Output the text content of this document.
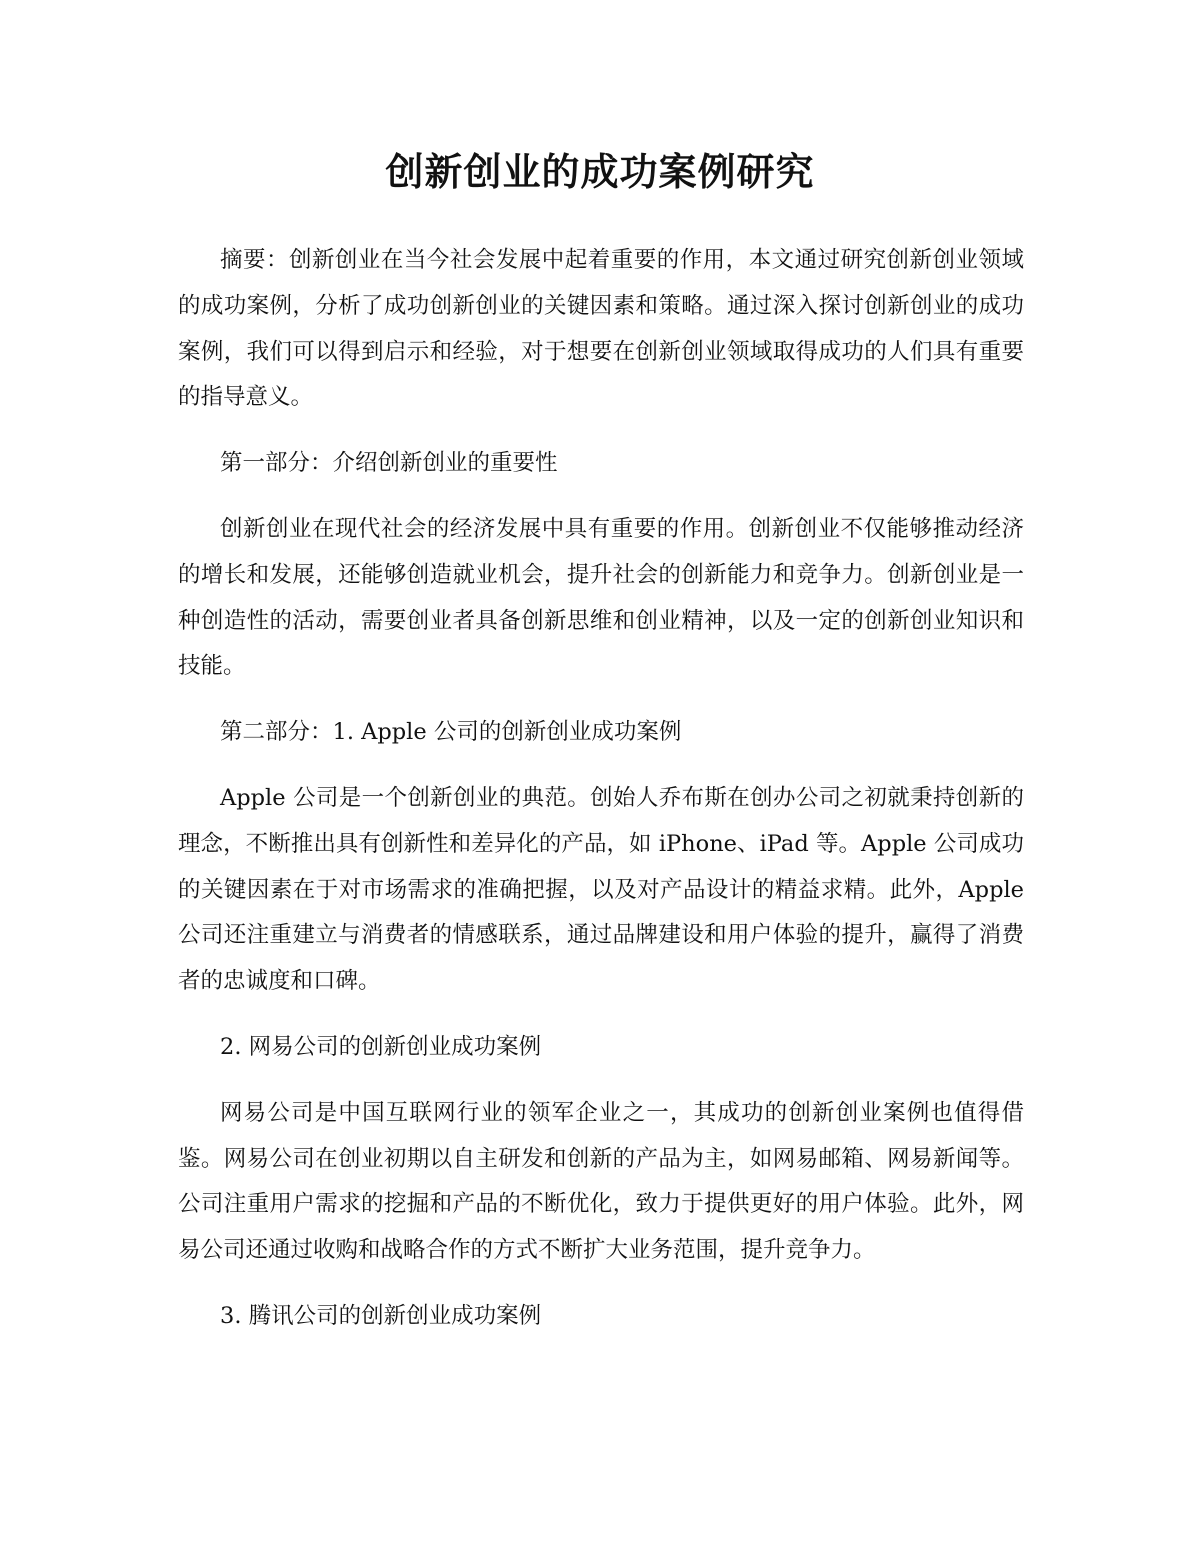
创新创业的成功案例研究

摘要：创新创业在当今社会发展中起着重要的作用，本文通过研究创新创业领域的成功案例，分析了成功创新创业的关键因素和策略。通过深入探讨创新创业的成功案例，我们可以得到启示和经验，对于想要在创新创业领域取得成功的人们具有重要的指导意义。

第一部分：介绍创新创业的重要性

创新创业在现代社会的经济发展中具有重要的作用。创新创业不仅能够推动经济的增长和发展，还能够创造就业机会，提升社会的创新能力和竞争力。创新创业是一种创造性的活动，需要创业者具备创新思维和创业精神，以及一定的创新创业知识和技能。

第二部分：1. Apple 公司的创新创业成功案例

Apple 公司是一个创新创业的典范。创始人乔布斯在创办公司之初就秉持创新的理念，不断推出具有创新性和差异化的产品，如 iPhone、iPad 等。Apple 公司成功的关键因素在于对市场需求的准确把握，以及对产品设计的精益求精。此外，Apple 公司还注重建立与消费者的情感联系，通过品牌建设和用户体验的提升，赢得了消费者的忠诚度和口碑。

2. 网易公司的创新创业成功案例

网易公司是中国互联网行业的领军企业之一，其成功的创新创业案例也值得借鉴。网易公司在创业初期以自主研发和创新的产品为主，如网易邮箱、网易新闻等。公司注重用户需求的挖掘和产品的不断优化，致力于提供更好的用户体验。此外，网易公司还通过收购和战略合作的方式不断扩大业务范围，提升竞争力。

3. 腾讯公司的创新创业成功案例
